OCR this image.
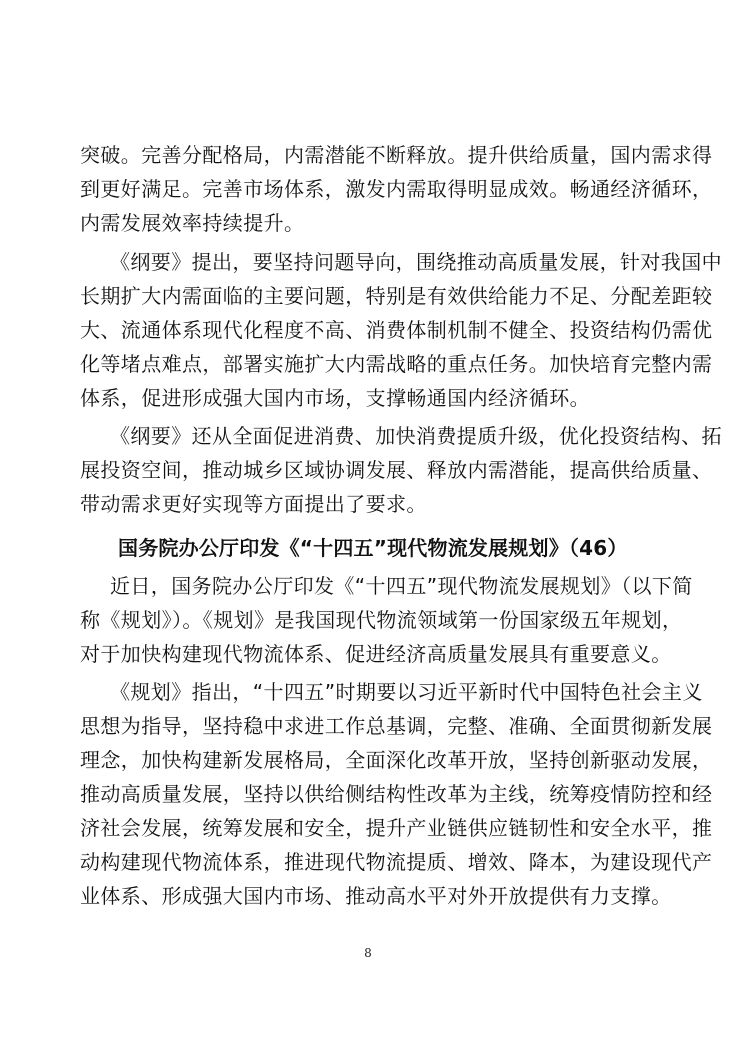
突破。完善分配格局，内需潜能不断释放。提升供给质量，国内需求得
到更好满足。完善市场体系，激发内需取得明显成效。畅通经济循环，
内需发展效率持续提升。
《纲要》提出，要坚持问题导向，围绕推动高质量发展，针对我国中
长期扩大内需面临的主要问题，特别是有效供给能力不足、分配差距较
大、流通体系现代化程度不高、消费体制机制不健全、投资结构仍需优
化等堵点难点，部署实施扩大内需战略的重点任务。加快培育完整内需
体系，促进形成强大国内市场，支撑畅通国内经济循环。
《纲要》还从全面促进消费、加快消费提质升级，优化投资结构、拓
展投资空间，推动城乡区域协调发展、释放内需潜能，提高供给质量、
带动需求更好实现等方面提出了要求。
国务院办公厅印发《“十四五”现代物流发展规划》（46）
近日，国务院办公厅印发《“十四五”现代物流发展规划》（以下简
称《规划》）。《规划》是我国现代物流领域第一份国家级五年规划，
对于加快构建现代物流体系、促进经济高质量发展具有重要意义。
《规划》指出，“十四五”时期要以习近平新时代中国特色社会主义
思想为指导，坚持稳中求进工作总基调，完整、准确、全面贯彻新发展
理念，加快构建新发展格局，全面深化改革开放，坚持创新驱动发展，
推动高质量发展，坚持以供给侧结构性改革为主线，统筹疫情防控和经
济社会发展，统筹发展和安全，提升产业链供应链韧性和安全水平，推
动构建现代物流体系，推进现代物流提质、增效、降本，为建设现代产
业体系、形成强大国内市场、推动高水平对外开放提供有力支撑。
8
